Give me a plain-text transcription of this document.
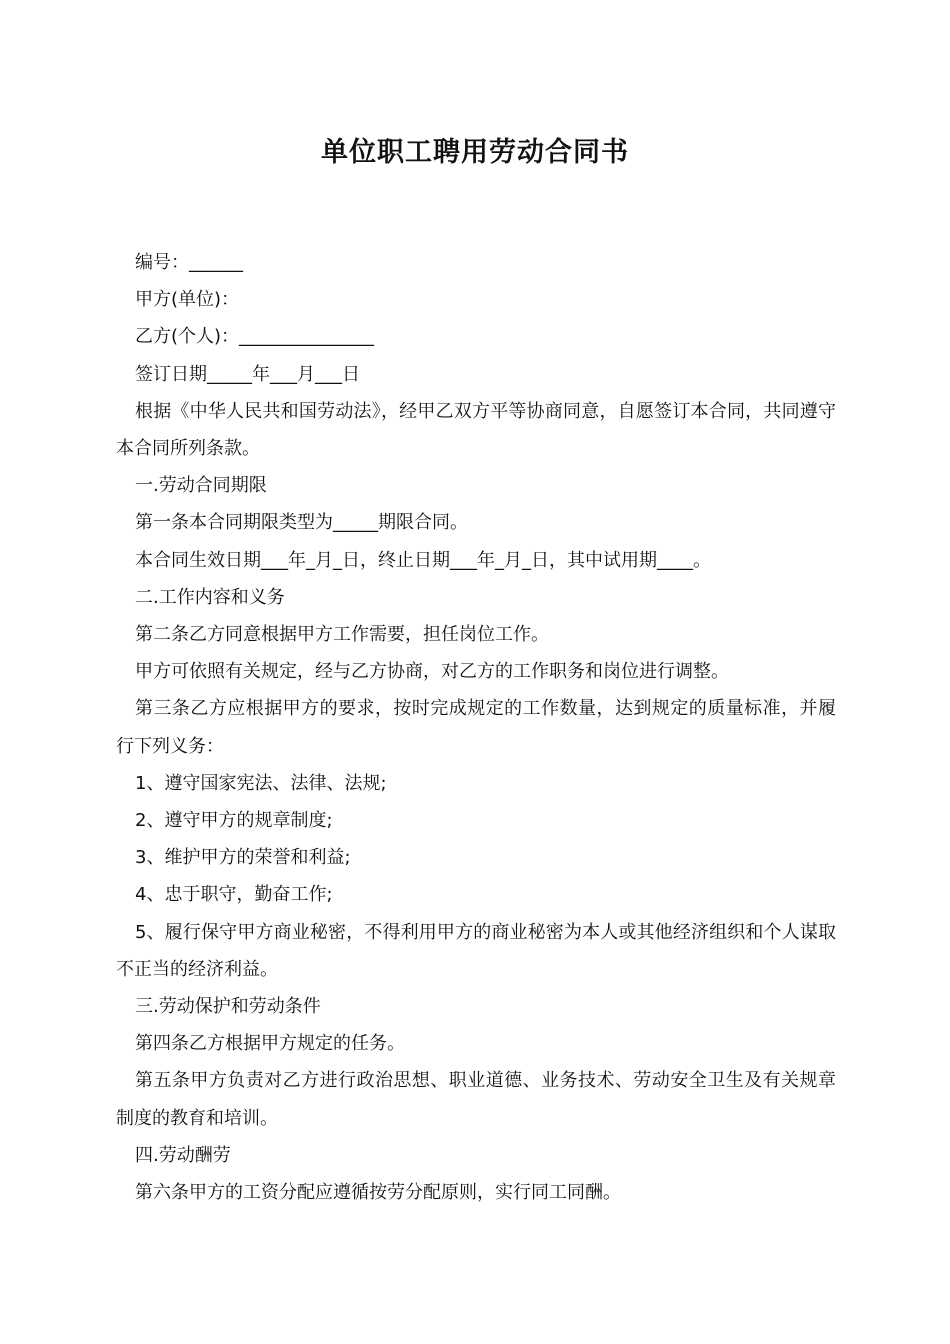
单位职工聘用劳动合同书

编号：______

甲方(单位)：

乙方(个人)：_______________

签订日期_____年___月___日

根据《中华人民共和国劳动法》，经甲乙双方平等协商同意，自愿签订本合同，共同遵守本合同所列条款。

一.劳动合同期限

第一条本合同期限类型为_____期限合同。

本合同生效日期___年_月_日，终止日期___年_月_日，其中试用期____。

二.工作内容和义务

第二条乙方同意根据甲方工作需要，担任岗位工作。

甲方可依照有关规定，经与乙方协商，对乙方的工作职务和岗位进行调整。

第三条乙方应根据甲方的要求，按时完成规定的工作数量，达到规定的质量标准，并履行下列义务：

1、遵守国家宪法、法律、法规;

2、遵守甲方的规章制度;

3、维护甲方的荣誉和利益;

4、忠于职守，勤奋工作;

5、履行保守甲方商业秘密，不得利用甲方的商业秘密为本人或其他经济组织和个人谋取不正当的经济利益。

三.劳动保护和劳动条件

第四条乙方根据甲方规定的任务。

第五条甲方负责对乙方进行政治思想、职业道德、业务技术、劳动安全卫生及有关规章制度的教育和培训。

四.劳动酬劳

第六条甲方的工资分配应遵循按劳分配原则，实行同工同酬。
